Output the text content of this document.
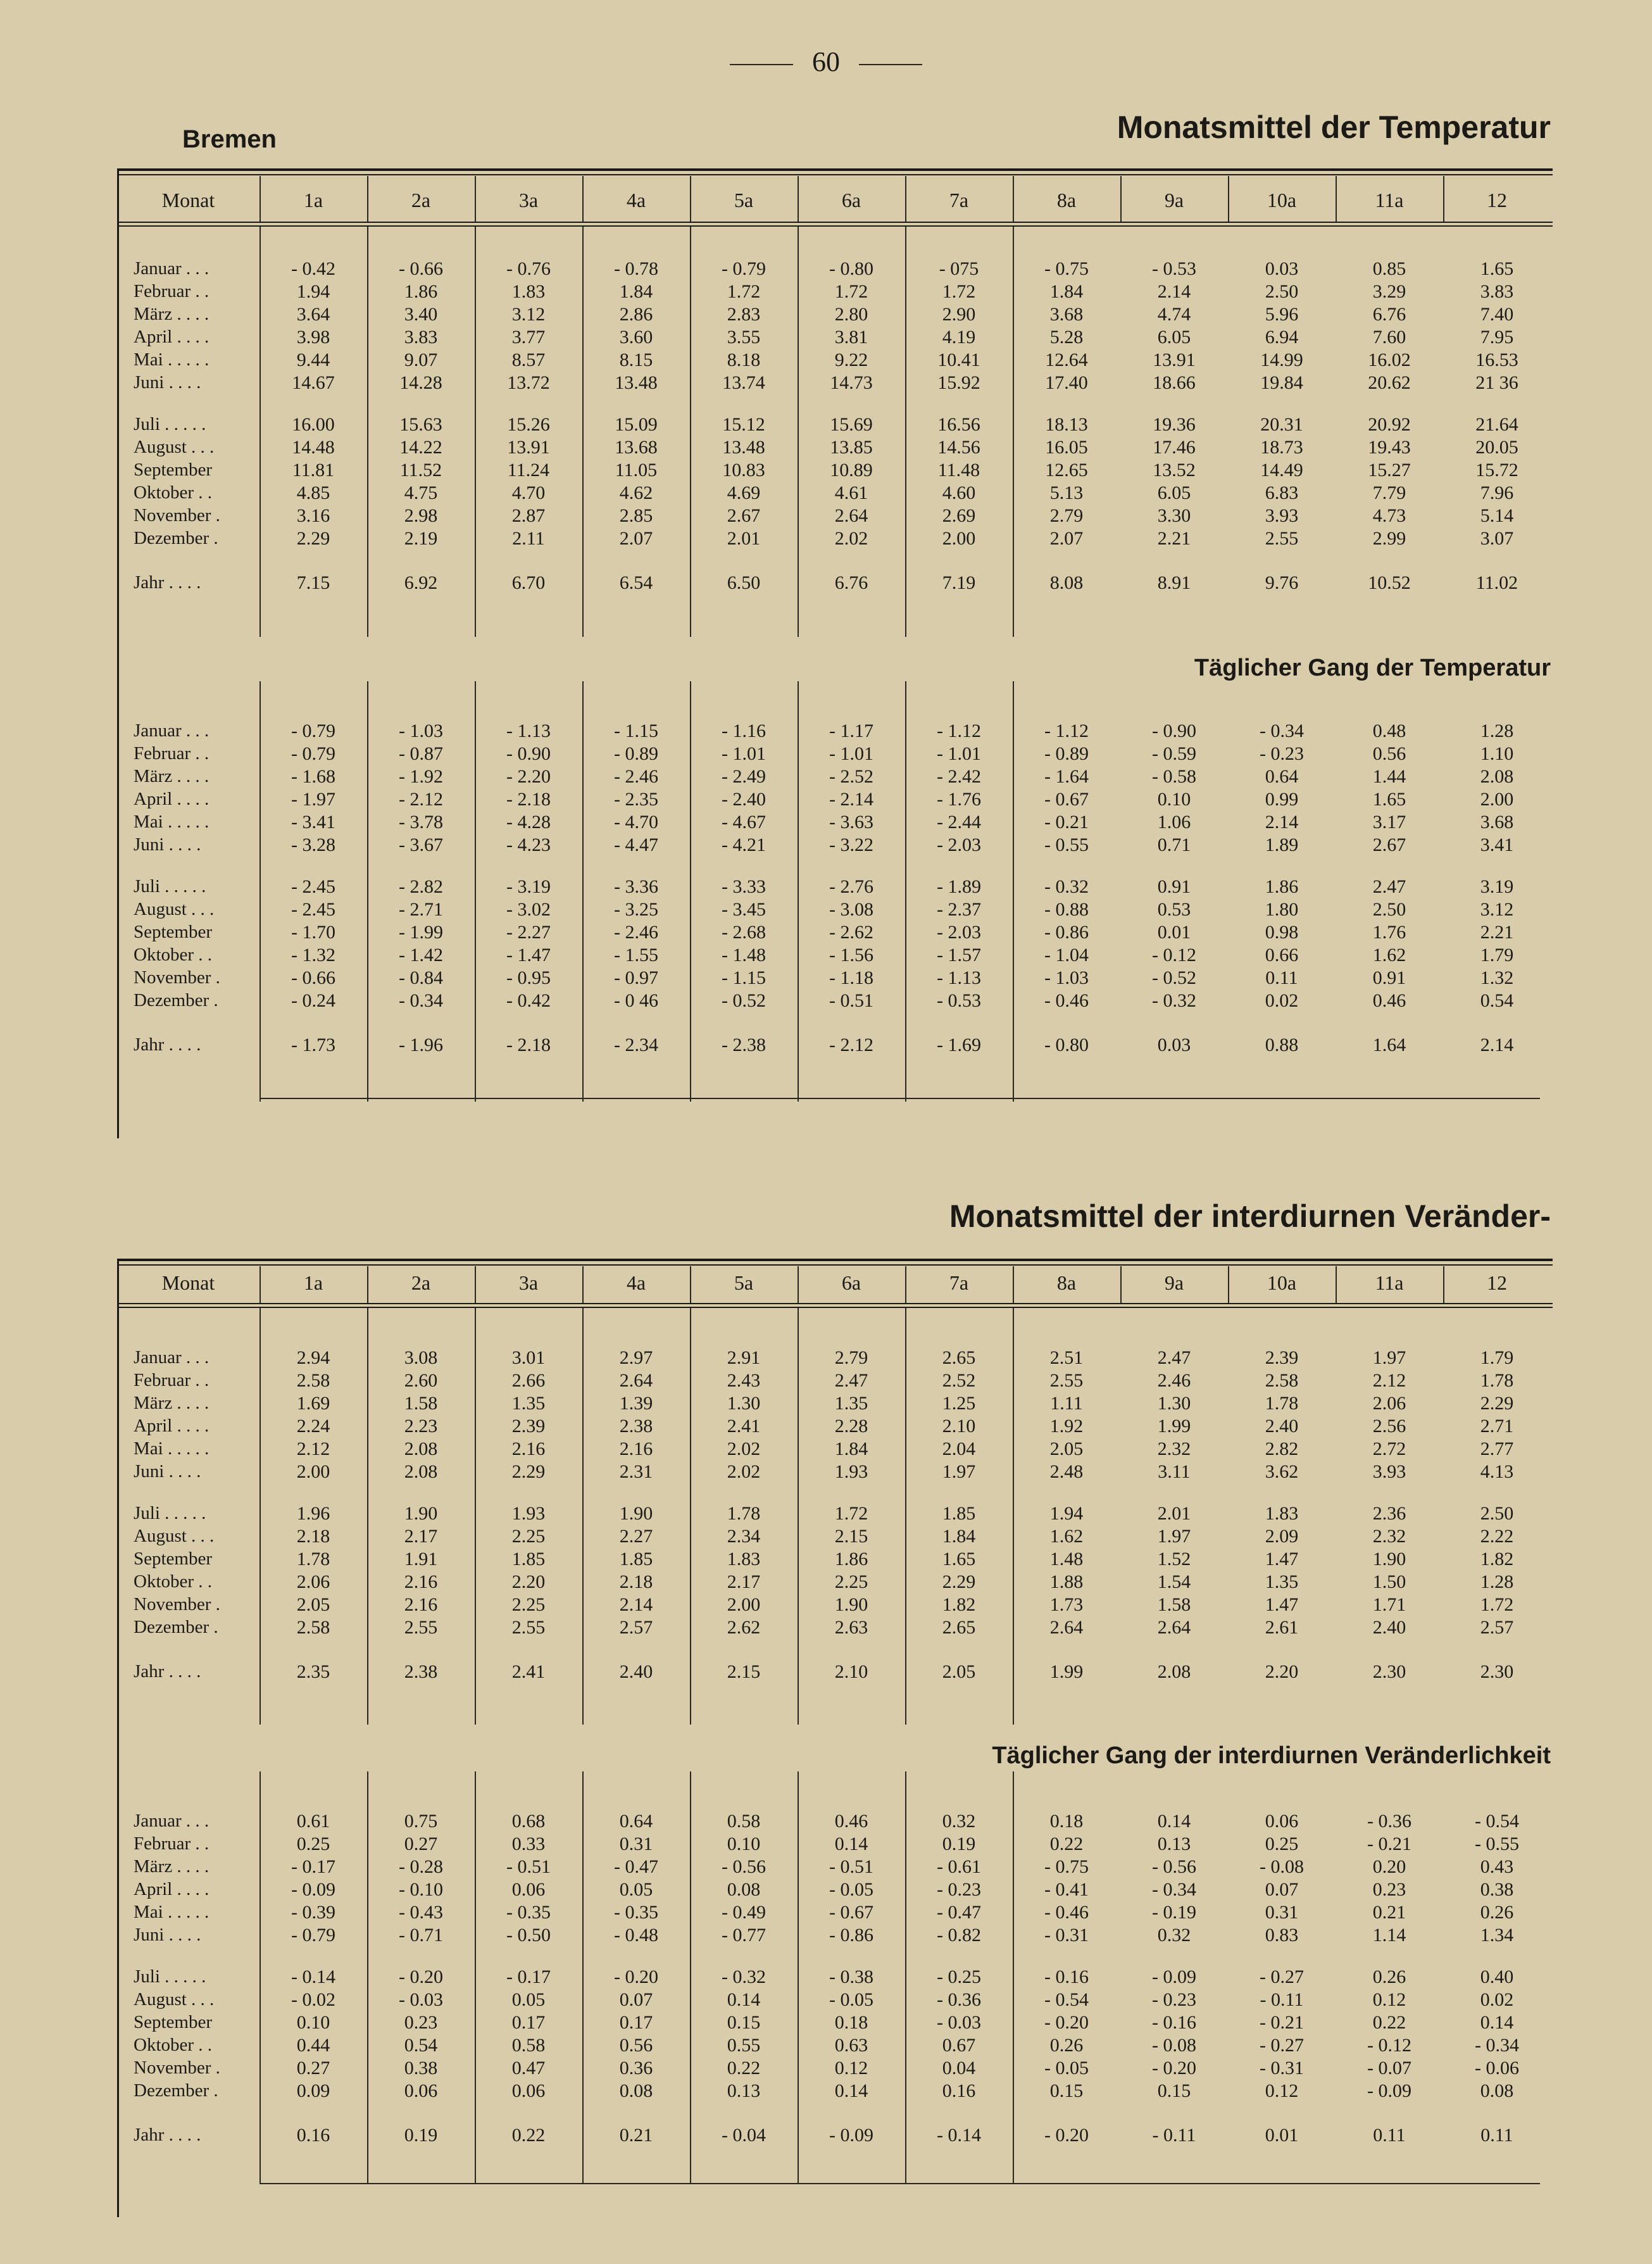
60
Bremen	Monatsmittel der Temperatur
Täglicher Gang der Temperatur
Monatsmittel der interdiurnen Veränder-
Täglicher Gang der interdiurnen Veränderlichkeit
Monat	1a	2a	3a	4a	5a	6a	7a	8a	9a	10a	11a	12
Januar . . .	- 0.42	- 0.66	- 0.76	- 0.78	- 0.79	- 0.80	- 075	- 0.75	- 0.53	0.03	0.85	1.65
Februar . .	1.94	1.86	1.83	1.84	1.72	1.72	1.72	1.84	2.14	2.50	3.29	3.83
März . . . .	3.64	3.40	3.12	2.86	2.83	2.80	2.90	3.68	4.74	5.96	6.76	7.40
April . . . .	3.98	3.83	3.77	3.60	3.55	3.81	4.19	5.28	6.05	6.94	7.60	7.95
Mai . . . . .	9.44	9.07	8.57	8.15	8.18	9.22	10.41	12.64	13.91	14.99	16.02	16.53
Juni . . . .	14.67	14.28	13.72	13.48	13.74	14.73	15.92	17.40	18.66	19.84	20.62	21 36
Juli . . . . .	16.00	15.63	15.26	15.09	15.12	15.69	16.56	18.13	19.36	20.31	20.92	21.64
August . . .	14.48	14.22	13.91	13.68	13.48	13.85	14.56	16.05	17.46	18.73	19.43	20.05
September	11.81	11.52	11.24	11.05	10.83	10.89	11.48	12.65	13.52	14.49	15.27	15.72
Oktober . .	4.85	4.75	4.70	4.62	4.69	4.61	4.60	5.13	6.05	6.83	7.79	7.96
November .	3.16	2.98	2.87	2.85	2.67	2.64	2.69	2.79	3.30	3.93	4.73	5.14
Dezember .	2.29	2.19	2.11	2.07	2.01	2.02	2.00	2.07	2.21	2.55	2.99	3.07
Jahr . . . .	7.15	6.92	6.70	6.54	6.50	6.76	7.19	8.08	8.91	9.76	10.52	11.02
Januar . . .	- 0.79	- 1.03	- 1.13	- 1.15	- 1.16	- 1.17	- 1.12	- 1.12	- 0.90	- 0.34	0.48	1.28
Februar . .	- 0.79	- 0.87	- 0.90	- 0.89	- 1.01	- 1.01	- 1.01	- 0.89	- 0.59	- 0.23	0.56	1.10
März . . . .	- 1.68	- 1.92	- 2.20	- 2.46	- 2.49	- 2.52	- 2.42	- 1.64	- 0.58	0.64	1.44	2.08
April . . . .	- 1.97	- 2.12	- 2.18	- 2.35	- 2.40	- 2.14	- 1.76	- 0.67	0.10	0.99	1.65	2.00
Mai . . . . .	- 3.41	- 3.78	- 4.28	- 4.70	- 4.67	- 3.63	- 2.44	- 0.21	1.06	2.14	3.17	3.68
Juni . . . .	- 3.28	- 3.67	- 4.23	- 4.47	- 4.21	- 3.22	- 2.03	- 0.55	0.71	1.89	2.67	3.41
Juli . . . . .	- 2.45	- 2.82	- 3.19	- 3.36	- 3.33	- 2.76	- 1.89	- 0.32	0.91	1.86	2.47	3.19
August . . .	- 2.45	- 2.71	- 3.02	- 3.25	- 3.45	- 3.08	- 2.37	- 0.88	0.53	1.80	2.50	3.12
September	- 1.70	- 1.99	- 2.27	- 2.46	- 2.68	- 2.62	- 2.03	- 0.86	0.01	0.98	1.76	2.21
Oktober . .	- 1.32	- 1.42	- 1.47	- 1.55	- 1.48	- 1.56	- 1.57	- 1.04	- 0.12	0.66	1.62	1.79
November .	- 0.66	- 0.84	- 0.95	- 0.97	- 1.15	- 1.18	- 1.13	- 1.03	- 0.52	0.11	0.91	1.32
Dezember .	- 0.24	- 0.34	- 0.42	- 0 46	- 0.52	- 0.51	- 0.53	- 0.46	- 0.32	0.02	0.46	0.54
Jahr . . . .	- 1.73	- 1.96	- 2.18	- 2.34	- 2.38	- 2.12	- 1.69	- 0.80	0.03	0.88	1.64	2.14
Monat	1a	2a	3a	4a	5a	6a	7a	8a	9a	10a	11a	12
Januar . . .	2.94	3.08	3.01	2.97	2.91	2.79	2.65	2.51	2.47	2.39	1.97	1.79
Februar . .	2.58	2.60	2.66	2.64	2.43	2.47	2.52	2.55	2.46	2.58	2.12	1.78
März . . . .	1.69	1.58	1.35	1.39	1.30	1.35	1.25	1.11	1.30	1.78	2.06	2.29
April . . . .	2.24	2.23	2.39	2.38	2.41	2.28	2.10	1.92	1.99	2.40	2.56	2.71
Mai . . . . .	2.12	2.08	2.16	2.16	2.02	1.84	2.04	2.05	2.32	2.82	2.72	2.77
Juni . . . .	2.00	2.08	2.29	2.31	2.02	1.93	1.97	2.48	3.11	3.62	3.93	4.13
Juli . . . . .	1.96	1.90	1.93	1.90	1.78	1.72	1.85	1.94	2.01	1.83	2.36	2.50
August . . .	2.18	2.17	2.25	2.27	2.34	2.15	1.84	1.62	1.97	2.09	2.32	2.22
September	1.78	1.91	1.85	1.85	1.83	1.86	1.65	1.48	1.52	1.47	1.90	1.82
Oktober . .	2.06	2.16	2.20	2.18	2.17	2.25	2.29	1.88	1.54	1.35	1.50	1.28
November .	2.05	2.16	2.25	2.14	2.00	1.90	1.82	1.73	1.58	1.47	1.71	1.72
Dezember .	2.58	2.55	2.55	2.57	2.62	2.63	2.65	2.64	2.64	2.61	2.40	2.57
Jahr . . . .	2.35	2.38	2.41	2.40	2.15	2.10	2.05	1.99	2.08	2.20	2.30	2.30
Januar . . .	0.61	0.75	0.68	0.64	0.58	0.46	0.32	0.18	0.14	0.06	- 0.36	- 0.54
Februar . .	0.25	0.27	0.33	0.31	0.10	0.14	0.19	0.22	0.13	0.25	- 0.21	- 0.55
März . . . .	- 0.17	- 0.28	- 0.51	- 0.47	- 0.56	- 0.51	- 0.61	- 0.75	- 0.56	- 0.08	0.20	0.43
April . . . .	- 0.09	- 0.10	0.06	0.05	0.08	- 0.05	- 0.23	- 0.41	- 0.34	0.07	0.23	0.38
Mai . . . . .	- 0.39	- 0.43	- 0.35	- 0.35	- 0.49	- 0.67	- 0.47	- 0.46	- 0.19	0.31	0.21	0.26
Juni . . . .	- 0.79	- 0.71	- 0.50	- 0.48	- 0.77	- 0.86	- 0.82	- 0.31	0.32	0.83	1.14	1.34
Juli . . . . .	- 0.14	- 0.20	- 0.17	- 0.20	- 0.32	- 0.38	- 0.25	- 0.16	- 0.09	- 0.27	0.26	0.40
August . . .	- 0.02	- 0.03	0.05	0.07	0.14	- 0.05	- 0.36	- 0.54	- 0.23	- 0.11	0.12	0.02
September	0.10	0.23	0.17	0.17	0.15	0.18	- 0.03	- 0.20	- 0.16	- 0.21	0.22	0.14
Oktober . .	0.44	0.54	0.58	0.56	0.55	0.63	0.67	0.26	- 0.08	- 0.27	- 0.12	- 0.34
November .	0.27	0.38	0.47	0.36	0.22	0.12	0.04	- 0.05	- 0.20	- 0.31	- 0.07	- 0.06
Dezember .	0.09	0.06	0.06	0.08	0.13	0.14	0.16	0.15	0.15	0.12	- 0.09	0.08
Jahr . . . .	0.16	0.19	0.22	0.21	- 0.04	- 0.09	- 0.14	- 0.20	- 0.11	0.01	0.11	0.11
